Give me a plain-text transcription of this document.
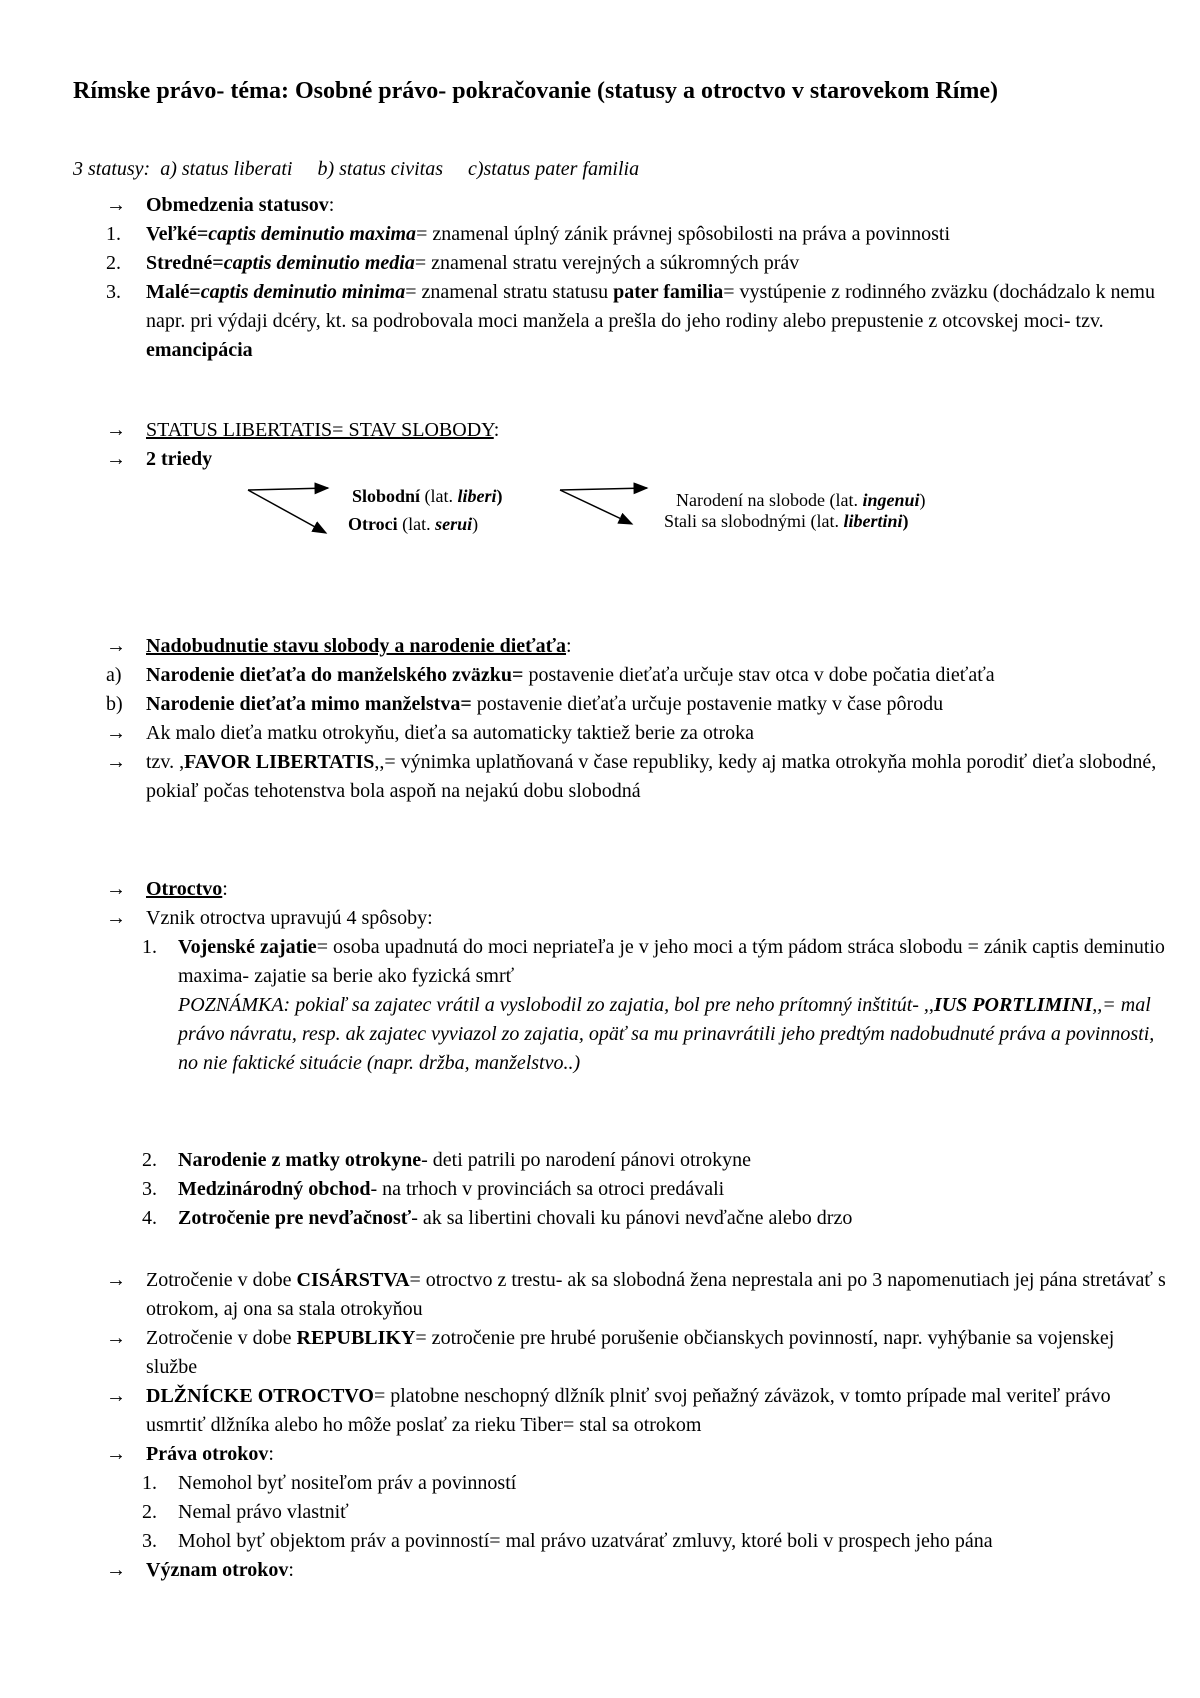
Rímske právo- téma: Osobné právo- pokračovanie (statusy a otroctvo v starovekom Ríme)

3 statusy:  a) status liberati     b) status civitas     c)status pater familia

→	Obmedzenia statusov:
1.	Veľké=captis deminutio maxima= znamenal úplný zánik právnej spôsobilosti na práva a povinnosti
2.	Stredné=captis deminutio media= znamenal stratu verejných a súkromných práv
3.	Malé=captis deminutio minima= znamenal stratu statusu pater familia= vystúpenie z rodinného zväzku (dochádzalo k nemu napr. pri výdaji dcéry, kt. sa podrobovala moci manžela a prešla do jeho rodiny alebo prepustenie z otcovskej moci- tzv. emancipácia
→	STATUS LIBERTATIS= STAV SLOBODY:
→	2 triedy
Slobodní (lat. liberi)
Otroci (lat. serui)
Narodení na slobode (lat. ingenui)
Stali sa slobodnými (lat. libertini)
→	Nadobudnutie stavu slobody a narodenie dieťaťa:
a)	Narodenie dieťaťa do manželského zväzku= postavenie dieťaťa určuje stav otca v dobe počatia dieťaťa
b)	Narodenie dieťaťa mimo manželstva= postavenie dieťaťa určuje postavenie matky v čase pôrodu
→	Ak malo dieťa matku otrokyňu, dieťa sa automaticky taktiež berie za otroka
→	tzv. ,FAVOR LIBERTATIS,,= výnimka uplatňovaná v čase republiky, kedy aj matka otrokyňa mohla porodiť dieťa slobodné, pokiaľ počas tehotenstva bola aspoň na nejakú dobu slobodná
→	Otroctvo:
→	Vznik otroctva upravujú 4 spôsoby:
1.	Vojenské zajatie= osoba upadnutá do moci nepriateľa je v jeho moci a tým pádom stráca slobodu = zánik captis deminutio maxima- zajatie sa berie ako fyzická smrť
POZNÁMKA: pokiaľ sa zajatec vrátil a vyslobodil zo zajatia, bol pre neho prítomný inštitút- ,,IUS PORTLIMINI,,= mal právo návratu, resp. ak zajatec vyviazol zo zajatia, opäť sa mu prinavrátili jeho predtým nadobudnuté práva a povinnosti, no nie faktické situácie (napr. držba, manželstvo..)
2.	Narodenie z matky otrokyne- deti patrili po narodení pánovi otrokyne
3.	Medzinárodný obchod- na trhoch v provinciách sa otroci predávali
4.	Zotročenie pre nevďačnosť- ak sa libertini chovali ku pánovi nevďačne alebo drzo
→	Zotročenie v dobe CISÁRSTVA= otroctvo z trestu- ak sa slobodná žena neprestala ani po 3 napomenutiach jej pána stretávať s otrokom, aj ona sa stala otrokyňou
→	Zotročenie v dobe REPUBLIKY= zotročenie pre hrubé porušenie občianskych povinností, napr. vyhýbanie sa vojenskej službe
→	DLŽNÍCKE OTROCTVO= platobne neschopný dlžník plniť svoj peňažný záväzok, v tomto prípade mal veriteľ právo usmrtiť dlžníka alebo ho môže poslať za rieku Tiber= stal sa otrokom
→	Práva otrokov:
1.	Nemohol byť nositeľom práv a povinností
2.	Nemal právo vlastniť
3.	Mohol byť objektom práv a povinností= mal právo uzatvárať zmluvy, ktoré boli v prospech jeho pána
→	Význam otrokov:
